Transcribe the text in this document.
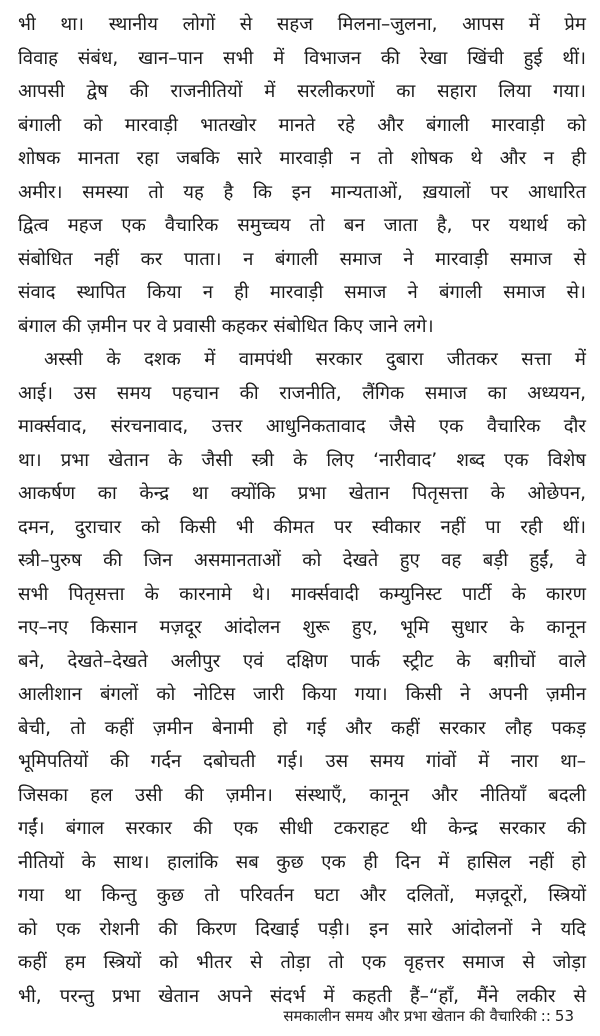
भी था। स्थानीय लोगों से सहज मिलना–जुलना, आपस में प्रेम
विवाह संबंध, खान–पान सभी में विभाजन की रेखा खिंची हुई थीं।
आपसी द्वेष की राजनीतियों में सरलीकरणों का सहारा लिया गया।
बंगाली को मारवाड़ी भातखोर मानते रहे और बंगाली मारवाड़ी को
शोषक मानता रहा जबकि सारे मारवाड़ी न तो शोषक थे और न ही
अमीर। समस्या तो यह है कि इन मान्यताओं, ख़यालों पर आधारित
द्वित्व महज एक वैचारिक समुच्चय तो बन जाता है, पर यथार्थ को
संबोधित नहीं कर पाता। न बंगाली समाज ने मारवाड़ी समाज से
संवाद स्थापित किया न ही मारवाड़ी समाज ने बंगाली समाज से।
बंगाल की ज़मीन पर वे प्रवासी कहकर संबोधित किए जाने लगे।
अस्सी के दशक में वामपंथी सरकार दुबारा जीतकर सत्ता में
आई। उस समय पहचान की राजनीति, लैंगिक समाज का अध्ययन,
मार्क्सवाद, संरचनावाद, उत्तर आधुनिकतावाद जैसे एक वैचारिक दौर
था। प्रभा खेतान के जैसी स्त्री के लिए ‘नारीवाद’ शब्द एक विशेष
आकर्षण का केन्द्र था क्योंकि प्रभा खेतान पितृसत्ता के ओछेपन,
दमन, दुराचार को किसी भी कीमत पर स्वीकार नहीं पा रही थीं।
स्त्री–पुरुष की जिन असमानताओं को देखते हुए वह बड़ी हुईं, वे
सभी पितृसत्ता के कारनामे थे। मार्क्सवादी कम्युनिस्ट पार्टी के कारण
नए–नए किसान मज़दूर आंदोलन शुरू हुए, भूमि सुधार के कानून
बने, देखते–देखते अलीपुर एवं दक्षिण पार्क स्ट्रीट के बग़ीचों वाले
आलीशान बंगलों को नोटिस जारी किया गया। किसी ने अपनी ज़मीन
बेची, तो कहीं ज़मीन बेनामी हो गई और कहीं सरकार लौह पकड़
भूमिपतियों की गर्दन दबोचती गई। उस समय गांवों में नारा था–
जिसका हल उसी की ज़मीन। संस्थाएँ, कानून और नीतियाँ बदली
गईं। बंगाल सरकार की एक सीधी टकराहट थी केन्द्र सरकार की
नीतियों के साथ। हालांकि सब कुछ एक ही दिन में हासिल नहीं हो
गया था किन्तु कुछ तो परिवर्तन घटा और दलितों, मज़दूरों, स्त्रियों
को एक रोशनी की किरण दिखाई पड़ी। इन सारे आंदोलनों ने यदि
कहीं हम स्त्रियों को भीतर से तोड़ा तो एक वृहत्तर समाज से जोड़ा
भी, परन्तु प्रभा खेतान अपने संदर्भ में कहती हैं–“हाँ, मैंने लकीर से
समकालीन समय और प्रभा खेतान की वैचारिकी :: 53
